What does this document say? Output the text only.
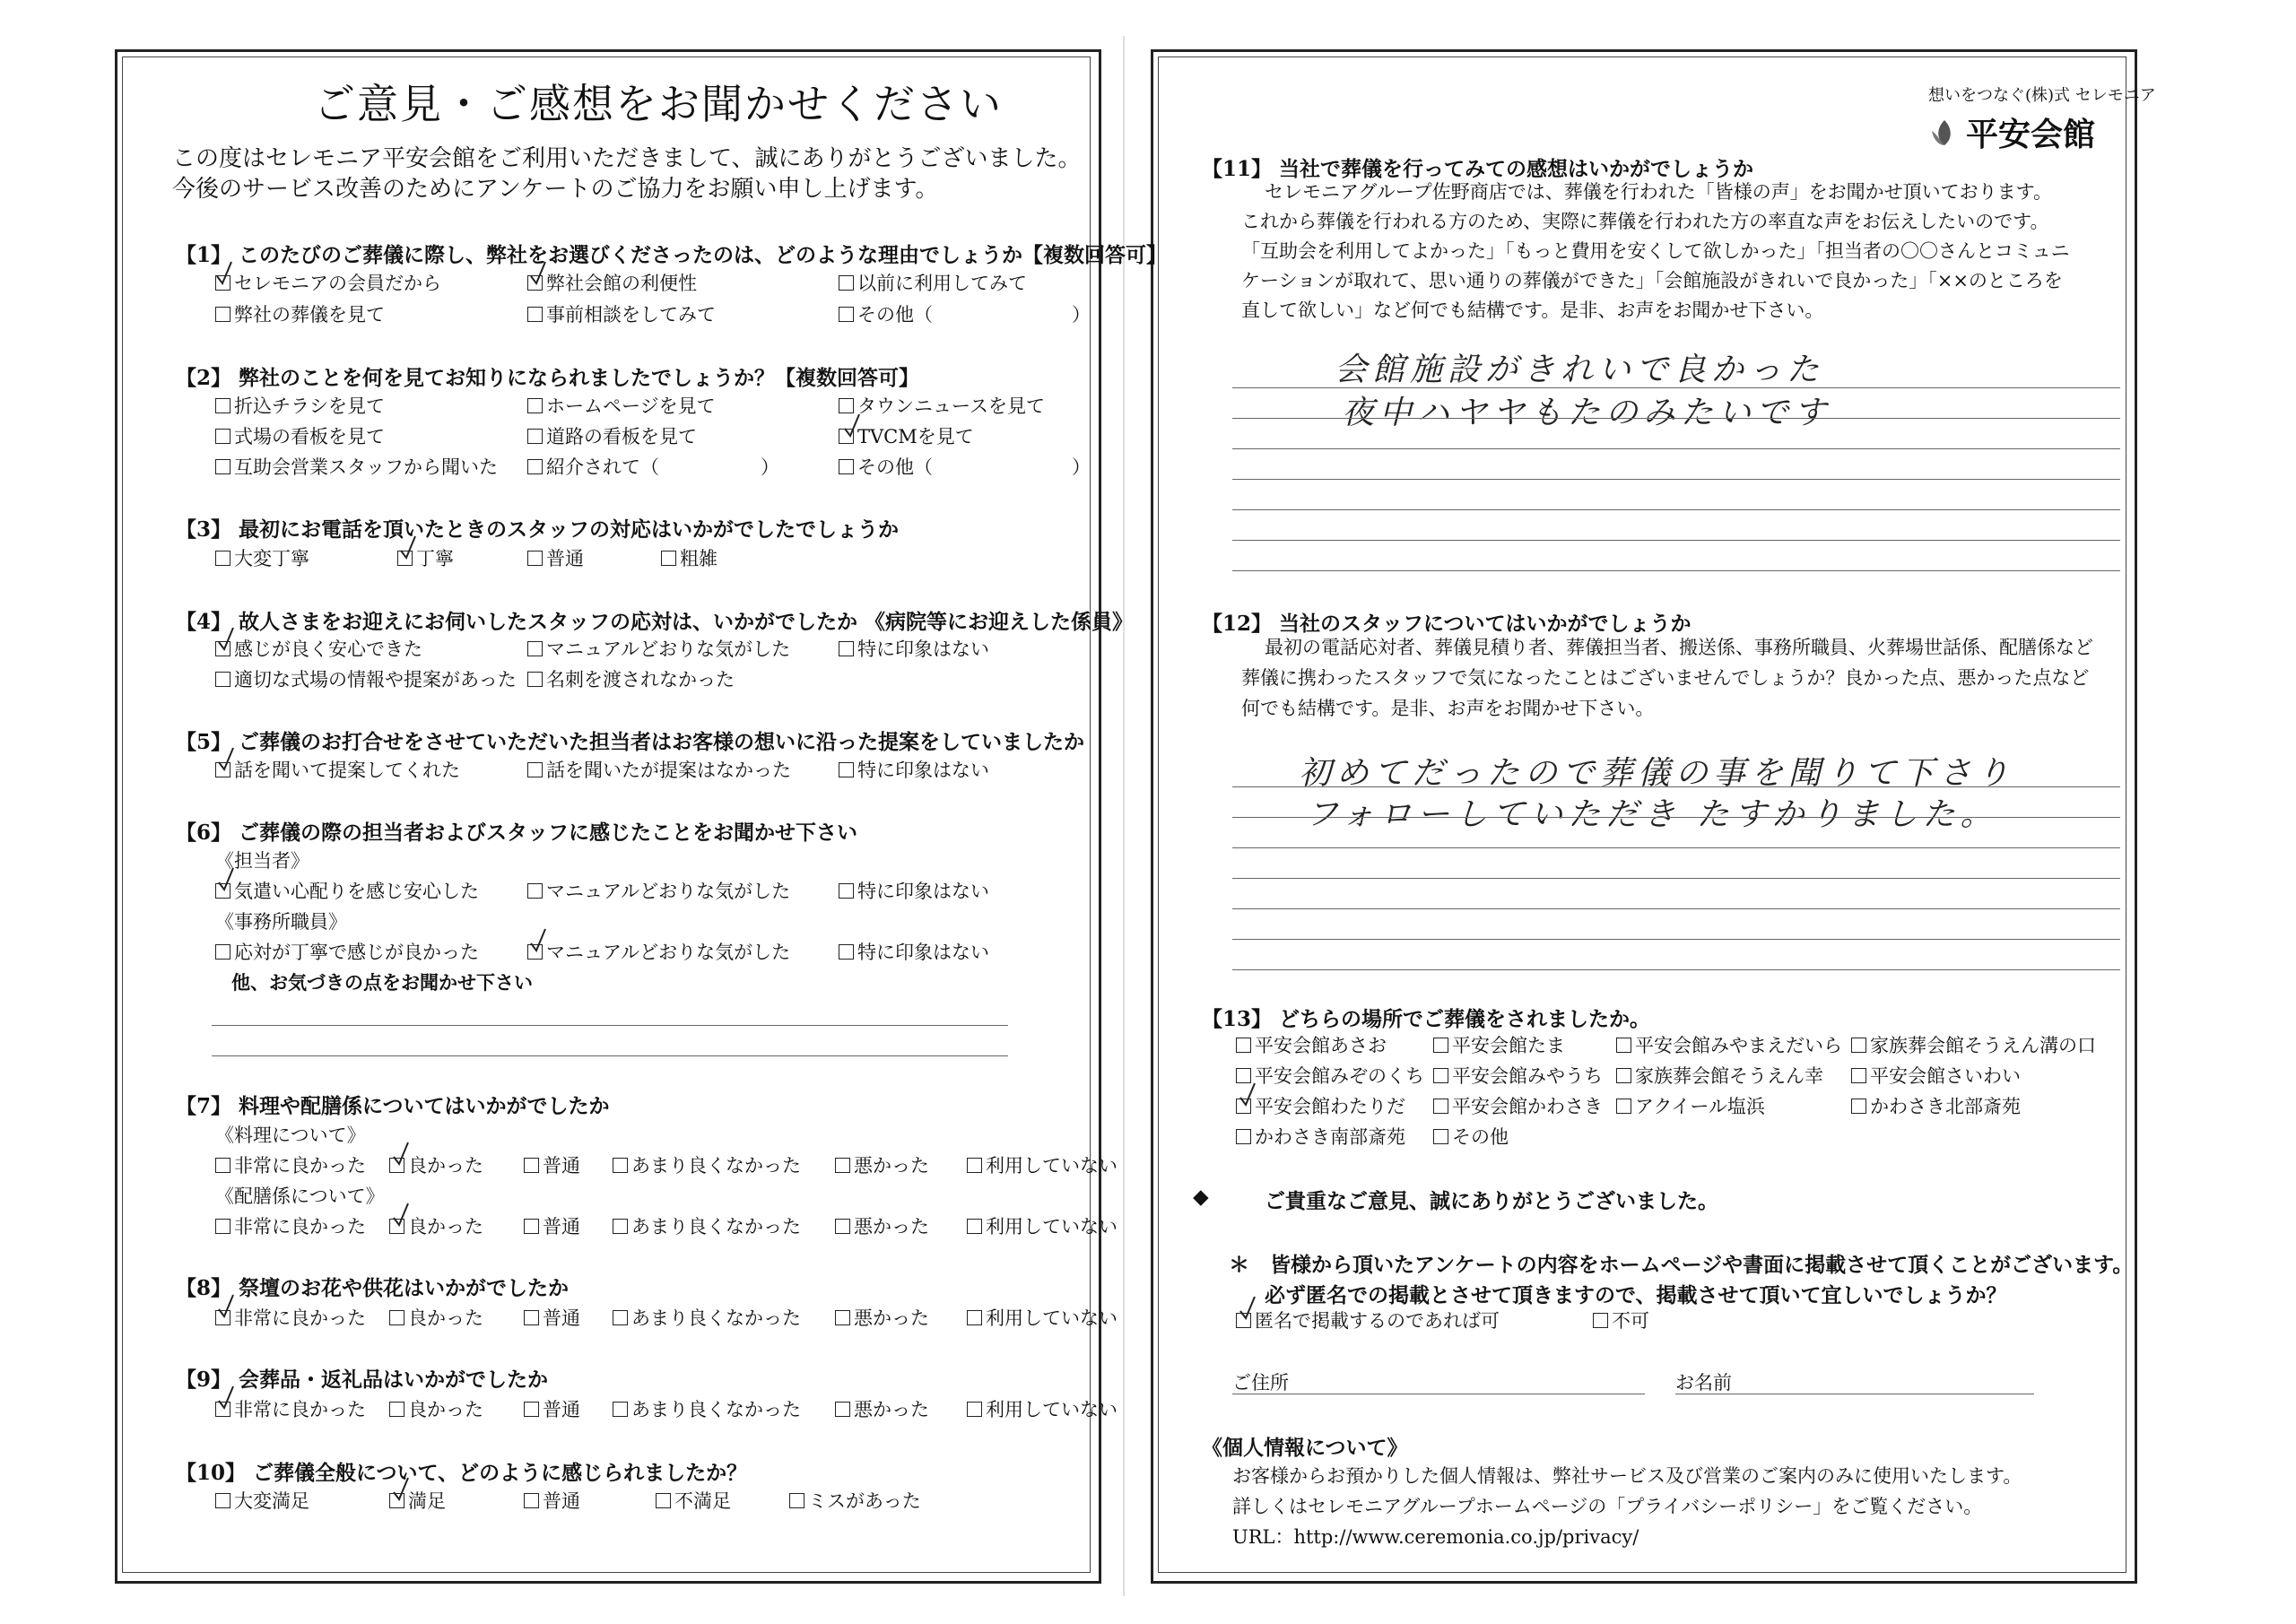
ご意見・ご感想をお聞かせください
この度はセレモニア平安会館をご利用いただきまして、誠にありがとうございました。
今後のサービス改善のためにアンケートのご協力をお願い申し上げます。
【1】 このたびのご葬儀に際し、弊社をお選びくださったのは、どのような理由でしょうか【複数回答可】
セレモニアの会員だから	弊社会館の利便性	以前に利用してみて
弊社の葬儀を見て	事前相談をしてみて	その他（	）
【2】 弊社のことを何を見てお知りになられましたでしょうか？【複数回答可】
折込チラシを見て	ホームページを見て	タウンニュースを見て
式場の看板を見て	道路の看板を見て	TVCMを見て
互助会営業スタッフから聞いた	紹介されて（	）	その他（	）
【3】 最初にお電話を頂いたときのスタッフの対応はいかがでしたでしょうか
大変丁寧	丁寧	普通	粗雑
【4】 故人さまをお迎えにお伺いしたスタッフの応対は、いかがでしたか 《病院等にお迎えした係員》
感じが良く安心できた	マニュアルどおりな気がした	特に印象はない
適切な式場の情報や提案があった	名刺を渡されなかった
【5】 ご葬儀のお打合せをさせていただいた担当者はお客様の想いに沿った提案をしていましたか
話を聞いて提案してくれた	話を聞いたが提案はなかった	特に印象はない
【6】 ご葬儀の際の担当者およびスタッフに感じたことをお聞かせ下さい
《担当者》
気遣い心配りを感じ安心した	マニュアルどおりな気がした	特に印象はない
《事務所職員》
応対が丁寧で感じが良かった	マニュアルどおりな気がした	特に印象はない
他、お気づきの点をお聞かせ下さい
【7】 料理や配膳係についてはいかがでしたか
《料理について》
非常に良かった	良かった	普通	あまり良くなかった	悪かった	利用していない
《配膳係について》
非常に良かった	良かった	普通	あまり良くなかった	悪かった	利用していない
【8】 祭壇のお花や供花はいかがでしたか
非常に良かった	良かった	普通	あまり良くなかった	悪かった	利用していない
【9】 会葬品・返礼品はいかがでしたか
非常に良かった	良かった	普通	あまり良くなかった	悪かった	利用していない
【10】 ご葬儀全般について、どのように感じられましたか？
大変満足	満足	普通	不満足	ミスがあった
想いをつなぐ(株)式 セレモニア
平安会館
【11】 当社で葬儀を行ってみての感想はいかがでしょうか
セレモニアグループ佐野商店では、葬儀を行われた「皆様の声」をお聞かせ頂いております。
これから葬儀を行われる方のため、実際に葬儀を行われた方の率直な声をお伝えしたいのです。
「互助会を利用してよかった」「もっと費用を安くして欲しかった」「担当者の〇〇さんとコミュニ
ケーションが取れて、思い通りの葬儀ができた」「会館施設がきれいで良かった」「××のところを
直して欲しい」など何でも結構です。是非、お声をお聞かせ下さい。
会館施設がきれいで良かった
夜中ハヤヤもたのみたいです
【12】 当社のスタッフについてはいかがでしょうか
最初の電話応対者、葬儀見積り者、葬儀担当者、搬送係、事務所職員、火葬場世話係、配膳係など
葬儀に携わったスタッフで気になったことはございませんでしょうか？良かった点、悪かった点など
何でも結構です。是非、お声をお聞かせ下さい。
初めてだったので葬儀の事を聞りて下さり
フォローしていただき たすかりました。
【13】 どちらの場所でご葬儀をされましたか。
平安会館あさお	平安会館たま	平安会館みやまえだいら	家族葬会館そうえん溝の口
平安会館みぞのくち	平安会館みやうち	家族葬会館そうえん幸	平安会館さいわい
平安会館わたりだ	平安会館かわさき	アクイール塩浜	かわさき北部斎苑
かわさき南部斎苑	その他
◆	ご貴重なご意見、誠にありがとうございました。
＊　皆様から頂いたアンケートの内容をホームページや書面に掲載させて頂くことがございます。
必ず匿名での掲載とさせて頂きますので、掲載させて頂いて宜しいでしょうか？
匿名で掲載するのであれば可	不可
ご住所	お名前
《個人情報について》
お客様からお預かりした個人情報は、弊社サービス及び営業のご案内のみに使用いたします。
詳しくはセレモニアグループホームページの「プライバシーポリシー」をご覧ください。
URL：http://www.ceremonia.co.jp/privacy/
